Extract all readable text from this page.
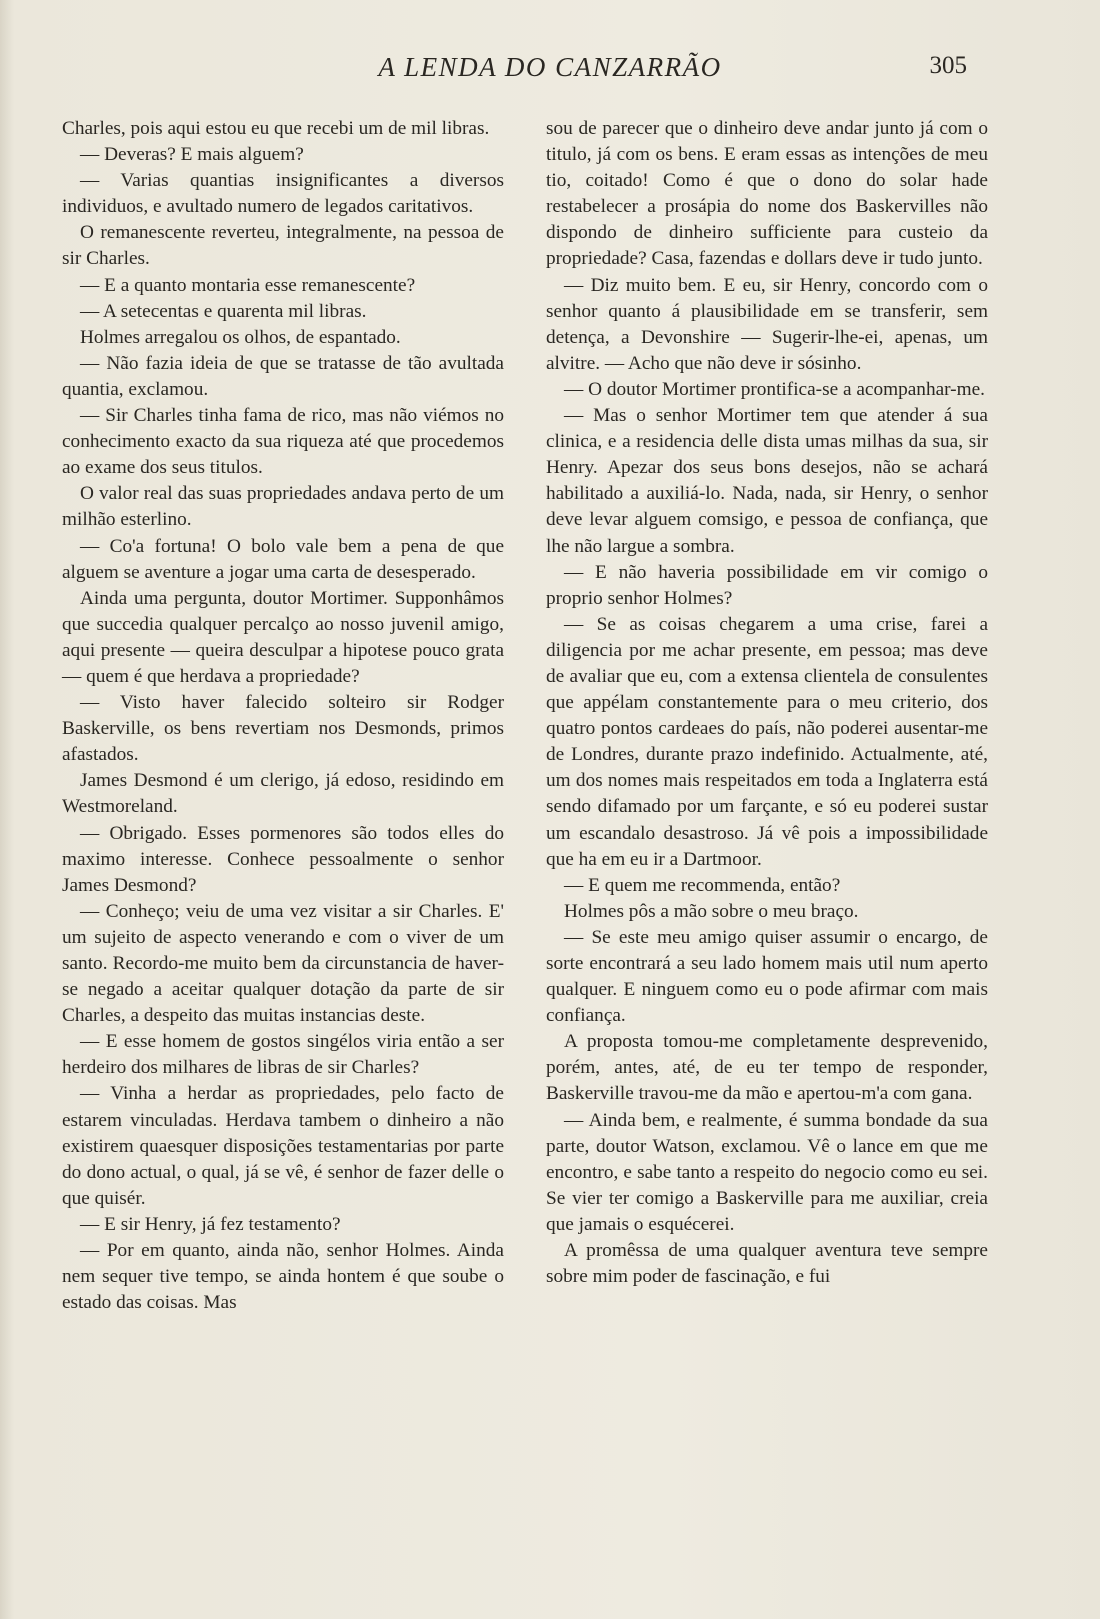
A LENDA DO CANZARRÃO	305

Charles, pois aqui estou eu que recebi um de mil libras.

— Deveras? E mais alguem?

— Varias quantias insignificantes a diversos individuos, e avultado numero de legados caritativos.

O remanescente reverteu, integralmente, na pessoa de sir Charles.

— E a quanto montaria esse remanescente?

— A setecentas e quarenta mil libras.

Holmes arregalou os olhos, de espantado.

— Não fazia ideia de que se tratasse de tão avultada quantia, exclamou.

— Sir Charles tinha fama de rico, mas não viémos no conhecimento exacto da sua riqueza até que procedemos ao exame dos seus titulos.

O valor real das suas propriedades andava perto de um milhão esterlino.

— Co'a fortuna! O bolo vale bem a pena de que alguem se aventure a jogar uma carta de desesperado.

Ainda uma pergunta, doutor Mortimer. Supponhâmos que succedia qualquer percalço ao nosso juvenil amigo, aqui presente — queira desculpar a hipotese pouco grata — quem é que herdava a propriedade?

— Visto haver falecido solteiro sir Rodger Baskerville, os bens revertiam nos Desmonds, primos afastados.

James Desmond é um clerigo, já edoso, residindo em Westmoreland.

— Obrigado. Esses pormenores são todos elles do maximo interesse. Conhece pessoalmente o senhor James Desmond?

— Conheço; veiu de uma vez visitar a sir Charles. E' um sujeito de aspecto venerando e com o viver de um santo. Recordo-me muito bem da circunstancia de haver-se negado a aceitar qualquer dotação da parte de sir Charles, a despeito das muitas instancias deste.

— E esse homem de gostos singélos viria então a ser herdeiro dos milhares de libras de sir Charles?

— Vinha a herdar as propriedades, pelo facto de estarem vinculadas. Herdava tambem o dinheiro a não existirem quaesquer disposições testamentarias por parte do dono actual, o qual, já se vê, é senhor de fazer delle o que quisér.

— E sir Henry, já fez testamento?

— Por em quanto, ainda não, senhor Holmes. Ainda nem sequer tive tempo, se ainda hontem é que soube o estado das coisas. Mas

sou de parecer que o dinheiro deve andar junto já com o titulo, já com os bens. E eram essas as intenções de meu tio, coitado! Como é que o dono do solar hade restabelecer a prosápia do nome dos Baskervilles não dispondo de dinheiro sufficiente para custeio da propriedade? Casa, fazendas e dollars deve ir tudo junto.

— Diz muito bem. E eu, sir Henry, concordo com o senhor quanto á plausibilidade em se transferir, sem detença, a Devonshire — Sugerir-lhe-ei, apenas, um alvitre. — Acho que não deve ir sósinho.

— O doutor Mortimer prontifica-se a acompanhar-me.

— Mas o senhor Mortimer tem que atender á sua clinica, e a residencia delle dista umas milhas da sua, sir Henry. Apezar dos seus bons desejos, não se achará habilitado a auxiliá-lo. Nada, nada, sir Henry, o senhor deve levar alguem comsigo, e pessoa de confiança, que lhe não largue a sombra.

— E não haveria possibilidade em vir comigo o proprio senhor Holmes?

— Se as coisas chegarem a uma crise, farei a diligencia por me achar presente, em pessoa; mas deve de avaliar que eu, com a extensa clientela de consulentes que appélam constantemente para o meu criterio, dos quatro pontos cardeaes do país, não poderei ausentar-me de Londres, durante prazo indefinido. Actualmente, até, um dos nomes mais respeitados em toda a Inglaterra está sendo difamado por um farçante, e só eu poderei sustar um escandalo desastroso. Já vê pois a impossibilidade que ha em eu ir a Dartmoor.

— E quem me recommenda, então?

Holmes pôs a mão sobre o meu braço.

— Se este meu amigo quiser assumir o encargo, de sorte encontrará a seu lado homem mais util num aperto qualquer. E ninguem como eu o pode afirmar com mais confiança.

A proposta tomou-me completamente desprevenido, porém, antes, até, de eu ter tempo de responder, Baskerville travou-me da mão e apertou-m'a com gana.

— Ainda bem, e realmente, é summa bondade da sua parte, doutor Watson, exclamou. Vê o lance em que me encontro, e sabe tanto a respeito do negocio como eu sei. Se vier ter comigo a Baskerville para me auxiliar, creia que jamais o esquécerei.

A promêssa de uma qualquer aventura teve sempre sobre mim poder de fascinação, e fui
